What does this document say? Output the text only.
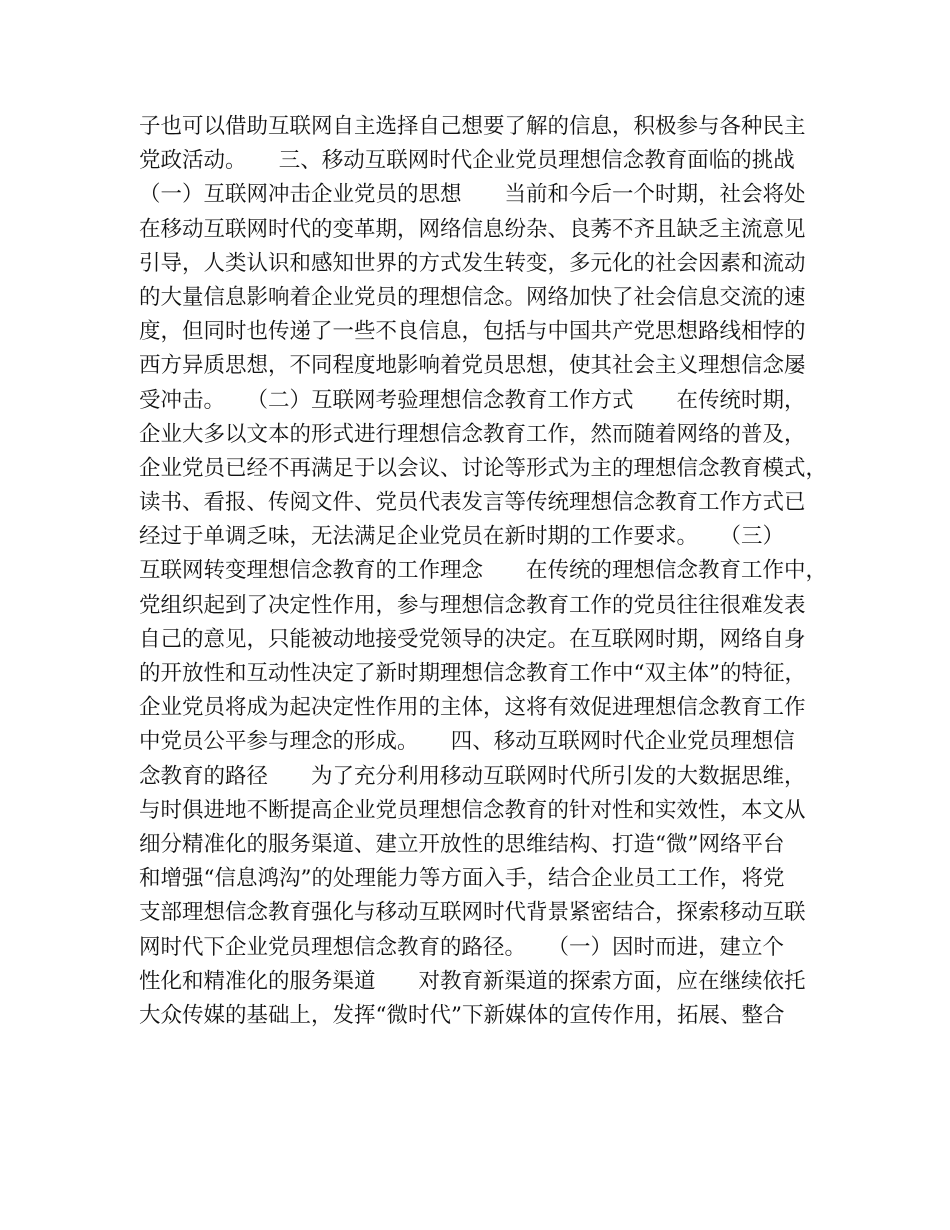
子也可以借助互联网自主选择自己想要了解的信息，积极参与各种民主
党政活动。　　三、移动互联网时代企业党员理想信念教育面临的挑战
（一）互联网冲击企业党员的思想　　当前和今后一个时期，社会将处
在移动互联网时代的变革期，网络信息纷杂、良莠不齐且缺乏主流意见
引导，人类认识和感知世界的方式发生转变，多元化的社会因素和流动
的大量信息影响着企业党员的理想信念。网络加快了社会信息交流的速
度，但同时也传递了一些不良信息，包括与中国共产党思想路线相悖的
西方异质思想，不同程度地影响着党员思想，使其社会主义理想信念屡
受冲击。　　（二）互联网考验理想信念教育工作方式　　在传统时期，
企业大多以文本的形式进行理想信念教育工作，然而随着网络的普及，
企业党员已经不再满足于以会议、讨论等形式为主的理想信念教育模式，
读书、看报、传阅文件、党员代表发言等传统理想信念教育工作方式已
经过于单调乏味，无法满足企业党员在新时期的工作要求。　　（三）
互联网转变理想信念教育的工作理念　　在传统的理想信念教育工作中，
党组织起到了决定性作用，参与理想信念教育工作的党员往往很难发表
自己的意见，只能被动地接受党领导的决定。在互联网时期，网络自身
的开放性和互动性决定了新时期理想信念教育工作中“双主体”的特征，
企业党员将成为起决定性作用的主体，这将有效促进理想信念教育工作
中党员公平参与理念的形成。　　四、移动互联网时代企业党员理想信
念教育的路径　　为了充分利用移动互联网时代所引发的大数据思维，
与时俱进地不断提高企业党员理想信念教育的针对性和实效性，本文从
细分精准化的服务渠道、建立开放性的思维结构、打造“微”网络平台
和增强“信息鸿沟”的处理能力等方面入手，结合企业员工工作，将党
支部理想信念教育强化与移动互联网时代背景紧密结合，探索移动互联
网时代下企业党员理想信念教育的路径。　　（一）因时而进，建立个
性化和精准化的服务渠道　　对教育新渠道的探索方面，应在继续依托
大众传媒的基础上，发挥“微时代”下新媒体的宣传作用，拓展、整合
